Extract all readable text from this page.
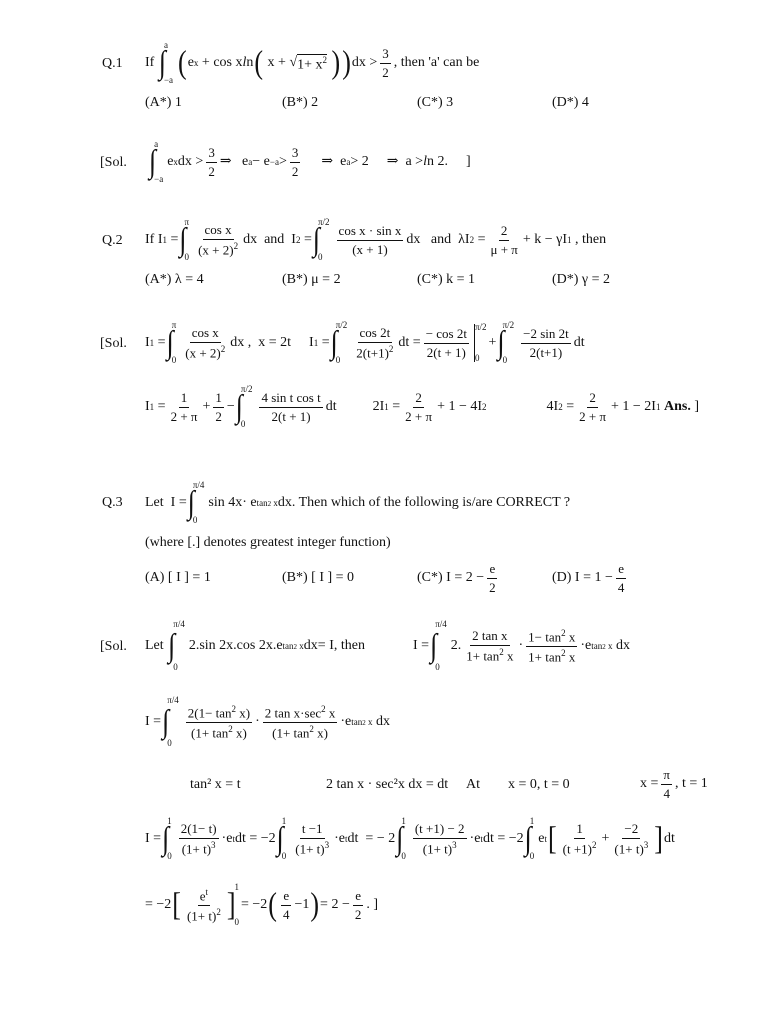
Q.1 If
∫
a
−a ( e x + cos x l n ( x + √ $1+ x^2$
) ) dx > $\frac{3}{2}$ , then 'a' can be
(A*) 1	(B*) 2	(C*) 3	(D*) 4
[Sol. ∫
a
−a
e x dx > $\frac{3}{2}$ ⇒   e $a - e -a > \frac{3}{2}$ ⇒  e a > 2 ⇒  a > l n 2. ]
Q.2 If I 1 = ∫
π
0
$\frac{\text{cos x}}{(x + 2)^2}$ dx  and  I 2 = ∫
π/2
0
$\frac{\text{cos x · sin x}}{(x + 1)}$ dx   and  λI $2 = \frac{2}{\mu + \pi} + k - \gamma I$ 1
, then
(A*) λ = 4	(B*) μ = 2	(C*) k = 1	(D*) γ = 2
[Sol. I 1 = ∫
π
0
$\frac{\text{cos x}}{(x + 2)^2}$ dx ,  x = 2t
I 1 = ∫
π/2
0
$\frac{\cos 2t}{2(t+1)^2}$ dt = $\frac{- \cos 2t}{2(t + 1)} \pi/2$
0
+ ∫
π/2
0
$\frac{-2 \sin 2t}{2(t+1)}$ dt
I $1 = \frac{1}{2 + \pi} + \frac{1}{2}$ − ∫
π/2
0
$\frac{\text{4 sin t cos t}}{2(t + 1)}$ dt	2I $1 = \frac{2}{2 + \pi} + 1 - 4I$ 2	4I $2 = \frac{2}{2 + \pi} + 1 - 2I$ 1
Ans.
]
Q.3 Let I = ∫
π/4
0
sin 4x· e tan2 x dx . Then which of the following is/are CORRECT ?
(where [.] denotes greatest integer function)
(A) [ I ] = 1	(B*) [ I ] = 0	(C*) $I = 2 - \frac{e}{2}$	(D) $I = 1 - \frac{e}{4}$
[Sol. Let
∫
π/4
0
2.sin 2x.cos 2x.e tan2 x dx = I, then	I = ∫
π/4
0
2. $\frac{\text{2 tan x}}{1+ \tan^2 x} \cdot \frac{1- \tan^2 x}{1+ \tan^2 x} \cdot e$ tan2 x dx
I = ∫
π/4
0
$\frac{2(1- \tan^2 x)}{(1+ \tan^2 x)} \cdot \frac{2 \tan x\cdot\sec^2 x}{(1+ \tan^2 x)} \cdot e$ tan2 x dx
tan² x = t	2 tan x · sec²x dx = dt At x = 0, t = 0	$x = \frac{\pi}{4}$ , t = 1
I = ∫
1
0
$\frac{2(1- t)}{(1+ t)^3} \cdot e$ t dt = −2 ∫
1
0
$\frac{t -1}{(1+ t)^3} \cdot e$ t dt  = − 2 ∫
1
0
$\frac{(t +1) - 2}{(1+ t)^3} \cdot e$ t dt = −2 ∫
1
0
e t [ $\frac{1}{(t +1)^2} + \frac{-2}{(1+ t)^3}$ ] dt
= −2 [ $\frac{e^t}{(1+ t)^2}$ ] 1
0
= −2 ( $\frac{e}{4} -1$ ) = $2 - \frac{e}{2}$ . ]
